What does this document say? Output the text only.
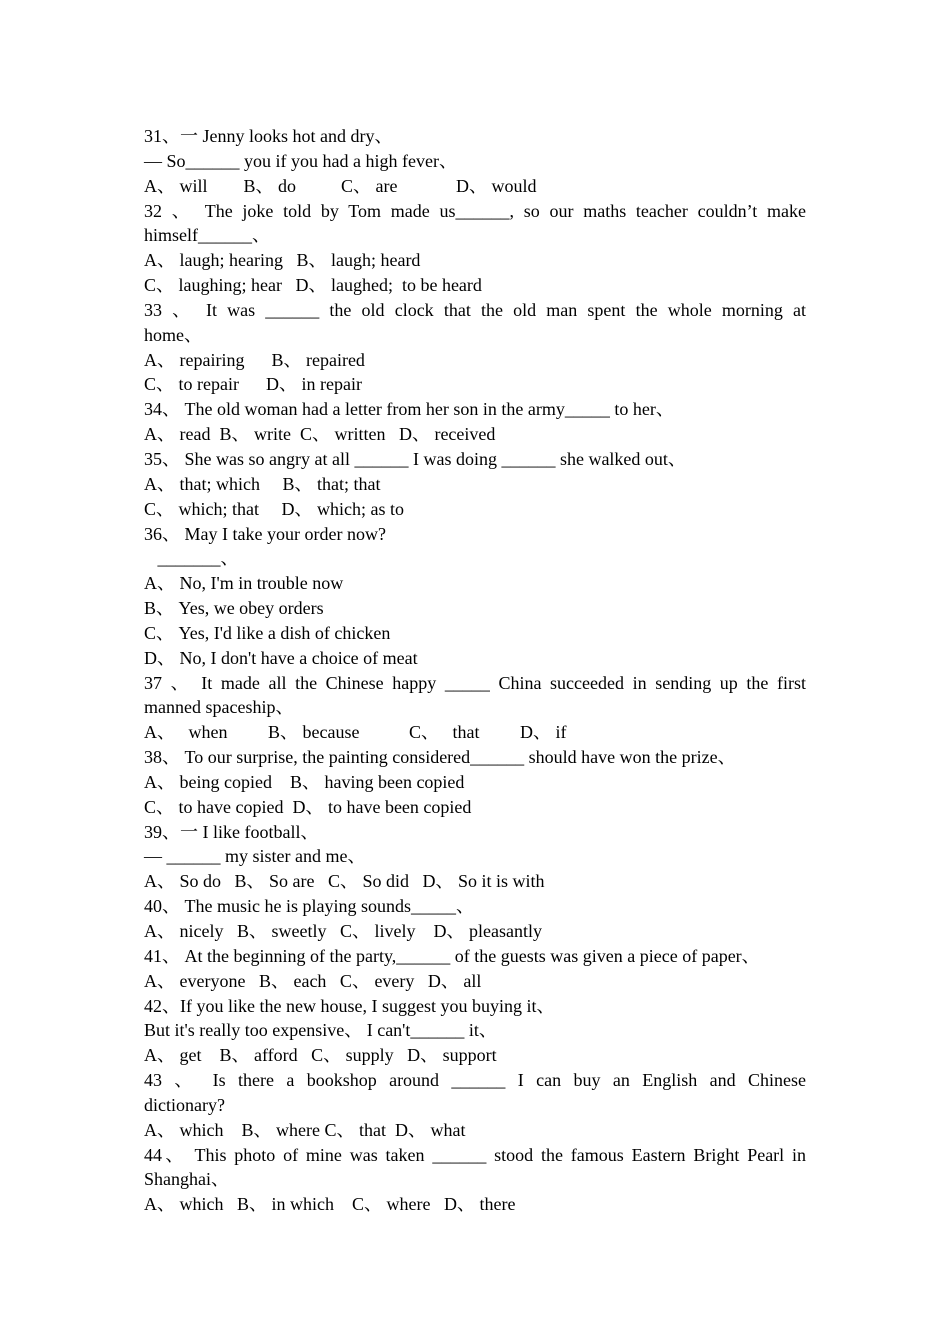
31、一 Jenny looks hot and dry、
— So______ you if you had a high fever、
A、 will        B、 do          C、 are             D、 would
32 、 The joke told by Tom made us______, so our maths teacher couldn’t make
himself______、
A、 laugh; hearing   B、 laugh; heard
C、 laughing; hear   D、 laughed;  to be heard
33 、 It was ______ the old clock that the old man spent the whole morning at
home、
A、 repairing      B、 repaired
C、 to repair      D、 in repair
34、 The old woman had a letter from her son in the army_____ to her、
A、 read  B、 write  C、 written   D、 received
35、 She was so angry at all ______ I was doing ______ she walked out、
A、 that; which     B、 that; that
C、 which; that     D、 which; as to
36、 May I take your order now?
_______、
A、 No, I'm in trouble now
B、 Yes, we obey orders
C、 Yes, I'd like a dish of chicken
D、 No, I don't have a choice of meat
37 、 It made all the Chinese happy _____ China succeeded in sending up the first
manned spaceship、
A、   when         B、 because           C、   that         D、 if
38、 To our surprise, the painting considered______ should have won the prize、
A、 being copied    B、 having been copied
C、 to have copied  D、 to have been copied
39、一 I like football、
— ______ my sister and me、
A、 So do   B、 So are   C、 So did   D、 So it is with
40、 The music he is playing sounds_____、
A、 nicely   B、 sweetly   C、 lively    D、 pleasantly
41、 At the beginning of the party,______ of the guests was given a piece of paper、
A、 everyone   B、 each   C、 every   D、 all
42、If you like the new house, I suggest you buying it、
But it's really too expensive、 I can't______ it、
A、 get    B、 afford   C、 supply   D、 support
43 、 Is there a bookshop around ______ I can buy an English and Chinese
dictionary?
A、 which    B、 where C、 that  D、 what
44、 This photo of mine was taken ______ stood the famous Eastern Bright Pearl in
Shanghai、
A、 which   B、 in which    C、 where   D、 there
